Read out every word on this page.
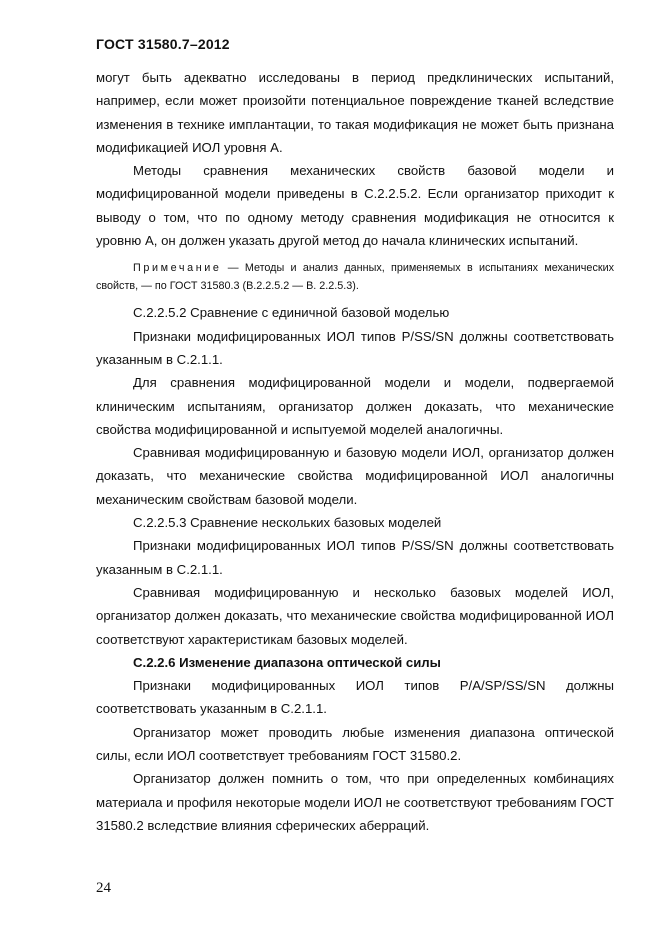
ГОСТ 31580.7–2012

могут быть адекватно исследованы в период предклинических испытаний, например, если может произойти потенциальное повреждение тканей вследствие изменения в технике имплантации, то такая модификация не может быть признана модификацией ИОЛ уровня А.

Методы сравнения механических свойств базовой модели и модифицированной модели приведены в С.2.2.5.2. Если организатор приходит к выводу о том, что по одному методу сравнения модификация не относится к уровню А, он должен указать другой метод до начала клинических испытаний.

Примечание — Методы и анализ данных, применяемых в испытаниях механических свойств, — по ГОСТ 31580.3 (В.2.2.5.2 — В. 2.2.5.3).

С.2.2.5.2 Сравнение с единичной базовой моделью

Признаки модифицированных ИОЛ типов P/SS/SN должны соответствовать указанным в С.2.1.1.

Для сравнения модифицированной модели и модели, подвергаемой клиническим испытаниям, организатор должен доказать, что механические свойства модифицированной и испытуемой моделей аналогичны.

Сравнивая модифицированную и базовую модели ИОЛ, организатор должен доказать, что механические свойства модифицированной ИОЛ аналогичны механическим свойствам базовой модели.

С.2.2.5.3 Сравнение нескольких базовых моделей

Признаки модифицированных ИОЛ типов P/SS/SN должны соответствовать указанным в С.2.1.1.

Сравнивая модифицированную и несколько базовых моделей ИОЛ, организатор должен доказать, что механические свойства модифицированной ИОЛ соответствуют характеристикам базовых моделей.

С.2.2.6 Изменение диапазона оптической силы

Признаки модифицированных ИОЛ типов P/A/SP/SS/SN должны соответствовать указанным в С.2.1.1.

Организатор может проводить любые изменения диапазона оптической силы, если ИОЛ соответствует требованиям ГОСТ 31580.2.

Организатор должен помнить о том, что при определенных комбинациях материала и профиля некоторые модели ИОЛ не соответствуют требованиям ГОСТ 31580.2 вследствие влияния сферических аберраций.

24
